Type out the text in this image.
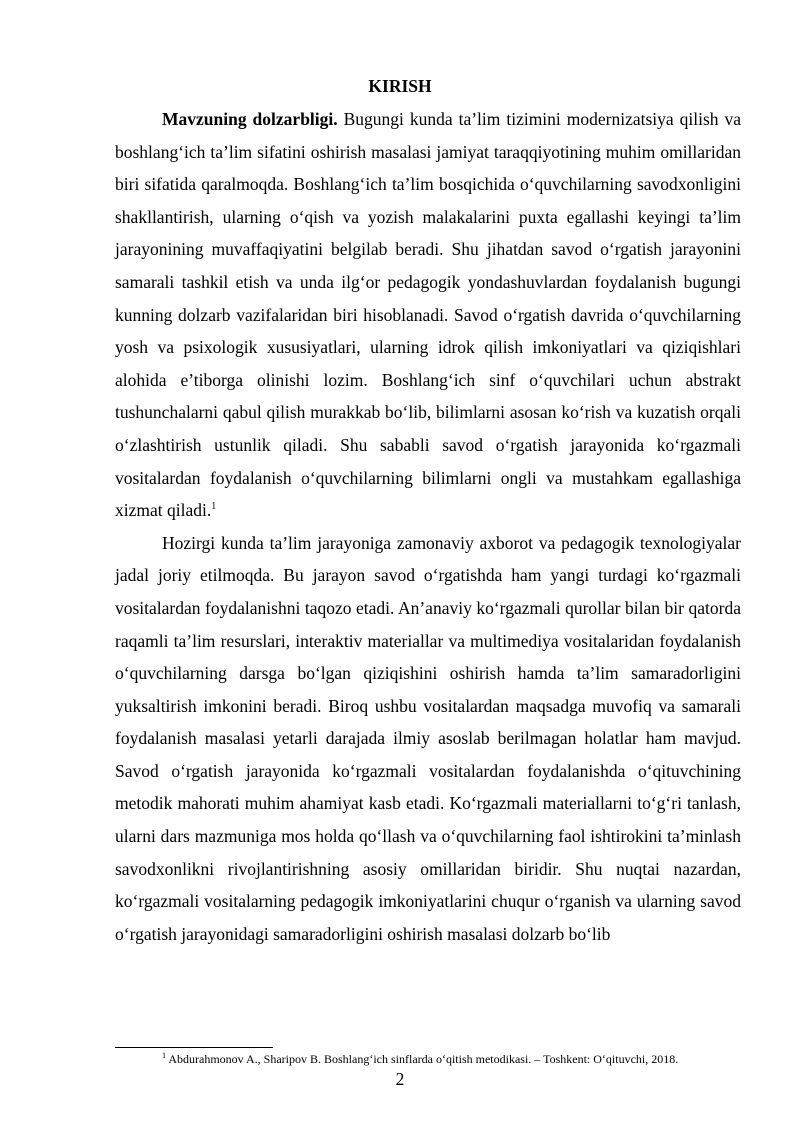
KIRISH

Mavzuning dolzarbligi. Bugungi kunda ta’lim tizimini modernizatsiya qilish va boshlang‘ich ta’lim sifatini oshirish masalasi jamiyat taraqqiyotining muhim omillaridan biri sifatida qaralmoqda. Boshlang‘ich ta’lim bosqichida o‘quvchilarning savodxonligini shakllantirish, ularning o‘qish va yozish malakalarini puxta egallashi keyingi ta’lim jarayonining muvaffaqiyatini belgilab beradi. Shu jihatdan savod o‘rgatish jarayonini samarali tashkil etish va unda ilg‘or pedagogik yondashuvlardan foydalanish bugungi kunning dolzarb vazifalaridan biri hisoblanadi. Savod o‘rgatish davrida o‘quvchilarning yosh va psixologik xususiyatlari, ularning idrok qilish imkoniyatlari va qiziqishlari alohida e’tiborga olinishi lozim. Boshlang‘ich sinf o‘quvchilari uchun abstrakt tushunchalarni qabul qilish murakkab bo‘lib, bilimlarni asosan ko‘rish va kuzatish orqali o‘zlashtirish ustunlik qiladi. Shu sababli savod o‘rgatish jarayonida ko‘rgazmali vositalardan foydalanish o‘quvchilarning bilimlarni ongli va mustahkam egallashiga xizmat qiladi.$^1$

Hozirgi kunda ta’lim jarayoniga zamonaviy axborot va pedagogik texnologiyalar jadal joriy etilmoqda. Bu jarayon savod o‘rgatishda ham yangi turdagi ko‘rgazmali vositalardan foydalanishni taqozo etadi. An’anaviy ko‘rgazmali qurollar bilan bir qatorda raqamli ta’lim resurslari, interaktiv materiallar va multimediya vositalaridan foydalanish o‘quvchilarning darsga bo‘lgan qiziqishini oshirish hamda ta’lim samaradorligini yuksaltirish imkonini beradi. Biroq ushbu vositalardan maqsadga muvofiq va samarali foydalanish masalasi yetarli darajada ilmiy asoslab berilmagan holatlar ham mavjud. Savod o‘rgatish jarayonida ko‘rgazmali vositalardan foydalanishda o‘qituvchining metodik mahorati muhim ahamiyat kasb etadi. Ko‘rgazmali materiallarni to‘g‘ri tanlash, ularni dars mazmuniga mos holda qo‘llash va o‘quvchilarning faol ishtirokini ta’minlash savodxonlikni rivojlantirishning asosiy omillaridan biridir. Shu nuqtai nazardan, ko‘rgazmali vositalarning pedagogik imkoniyatlarini chuqur o‘rganish va ularning savod o‘rgatish jarayonidagi samaradorligini oshirish masalasi dolzarb bo‘lib

$^1$ Abdurahmonov A., Sharipov B. Boshlang‘ich sinflarda o‘qitish metodikasi. – Toshkent: O‘qituvchi, 2018.

2
